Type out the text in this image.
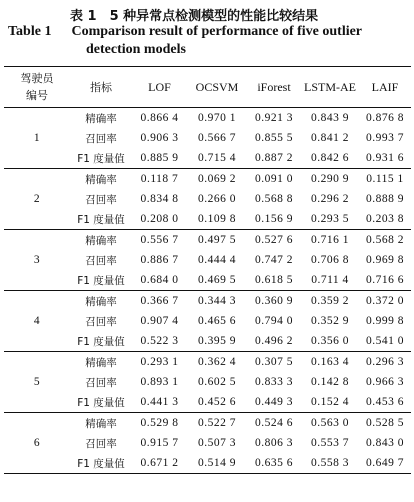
表 1　5 种异常点检测模型的性能比较结果
Table 1 Comparison result of performance of five outlier
detection models
驾驶员
编号	指标	LOF	OCSVM	iForest	LSTM-AE	LAIF
1	精确率	0.866 4	0.970 1	0.921 3	0.843 9	0.876 8
	召回率	0.906 3	0.566 7	0.855 5	0.841 2	0.993 7
	F1 度量值	0.885 9	0.715 4	0.887 2	0.842 6	0.931 6
2	精确率	0.118 7	0.069 2	0.091 0	0.290 9	0.115 1
	召回率	0.834 8	0.266 0	0.568 8	0.296 2	0.888 9
	F1 度量值	0.208 0	0.109 8	0.156 9	0.293 5	0.203 8
3	精确率	0.556 7	0.497 5	0.527 6	0.716 1	0.568 2
	召回率	0.886 7	0.444 4	0.747 2	0.706 8	0.969 8
	F1 度量值	0.684 0	0.469 5	0.618 5	0.711 4	0.716 6
4	精确率	0.366 7	0.344 3	0.360 9	0.359 2	0.372 0
	召回率	0.907 4	0.465 6	0.794 0	0.352 9	0.999 8
	F1 度量值	0.522 3	0.395 9	0.496 2	0.356 0	0.541 0
5	精确率	0.293 1	0.362 4	0.307 5	0.163 4	0.296 3
	召回率	0.893 1	0.602 5	0.833 3	0.142 8	0.966 3
	F1 度量值	0.441 3	0.452 6	0.449 3	0.152 4	0.453 6
6	精确率	0.529 8	0.522 7	0.524 6	0.563 0	0.528 5
	召回率	0.915 7	0.507 3	0.806 3	0.553 7	0.843 0
	F1 度量值	0.671 2	0.514 9	0.635 6	0.558 3	0.649 7
